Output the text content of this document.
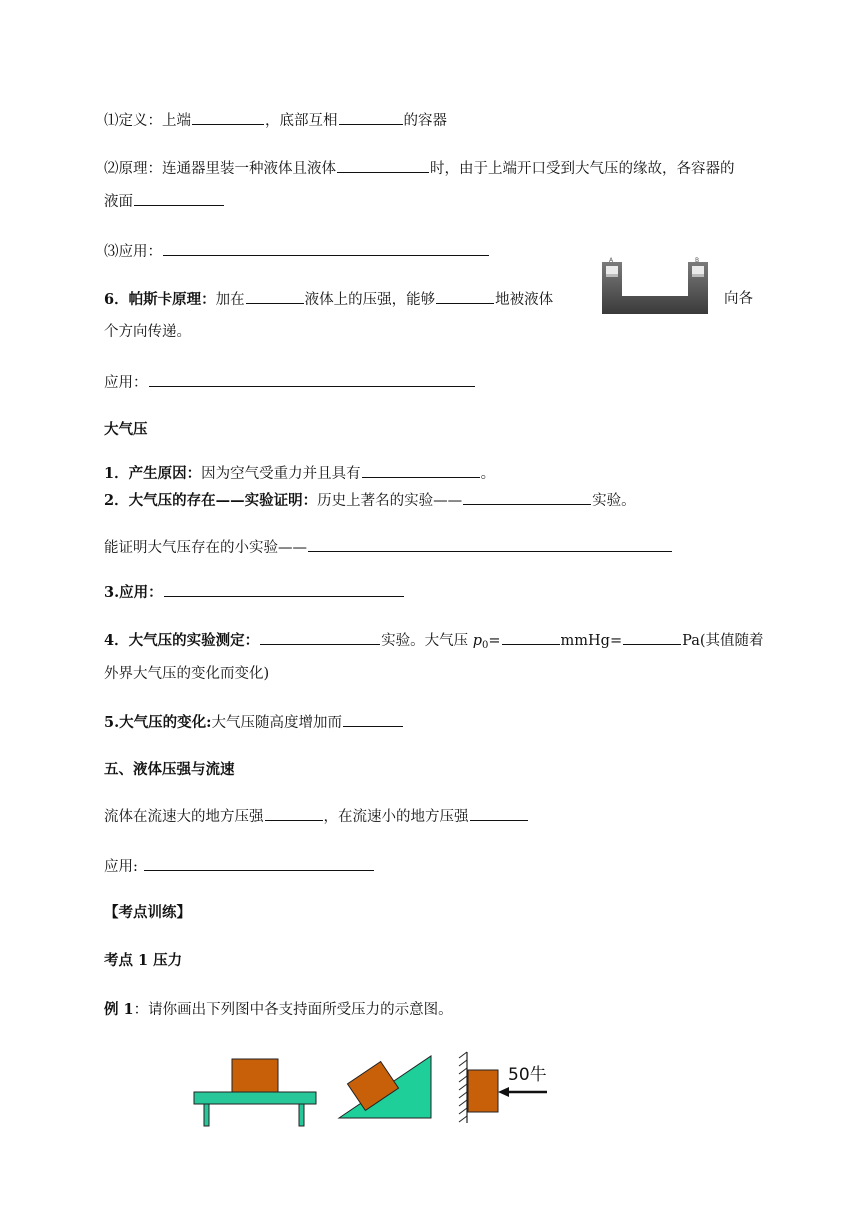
⑴定义：上端	，底部互相	的容器
⑵原理：连通器里装一种液体且液体	时，由于上端开口受到大气压的缘故，各容器的
液面
⑶应用：
6．帕斯卡原理：加在	液体上的压强，能够	地被液体	向各
个方向传递。
A	B
应用：
大气压
1．产生原因：因为空气受重力并且具有	。
2．大气压的存在——实验证明：历史上著名的实验——	实验。
能证明大气压存在的小实验——
3.应用：
4．大气压的实验测定：	实验。大气压 $p_0=$	mmHg=	Pa(其值随着
外界大气压的变化而变化)
5.大气压的变化:大气压随高度增加而
五、液体压强与流速
流体在流速大的地方压强	，在流速小的地方压强
应用:
【考点训练】
考点 1 压力
例 1：请你画出下列图中各支持面所受压力的示意图。
50牛
